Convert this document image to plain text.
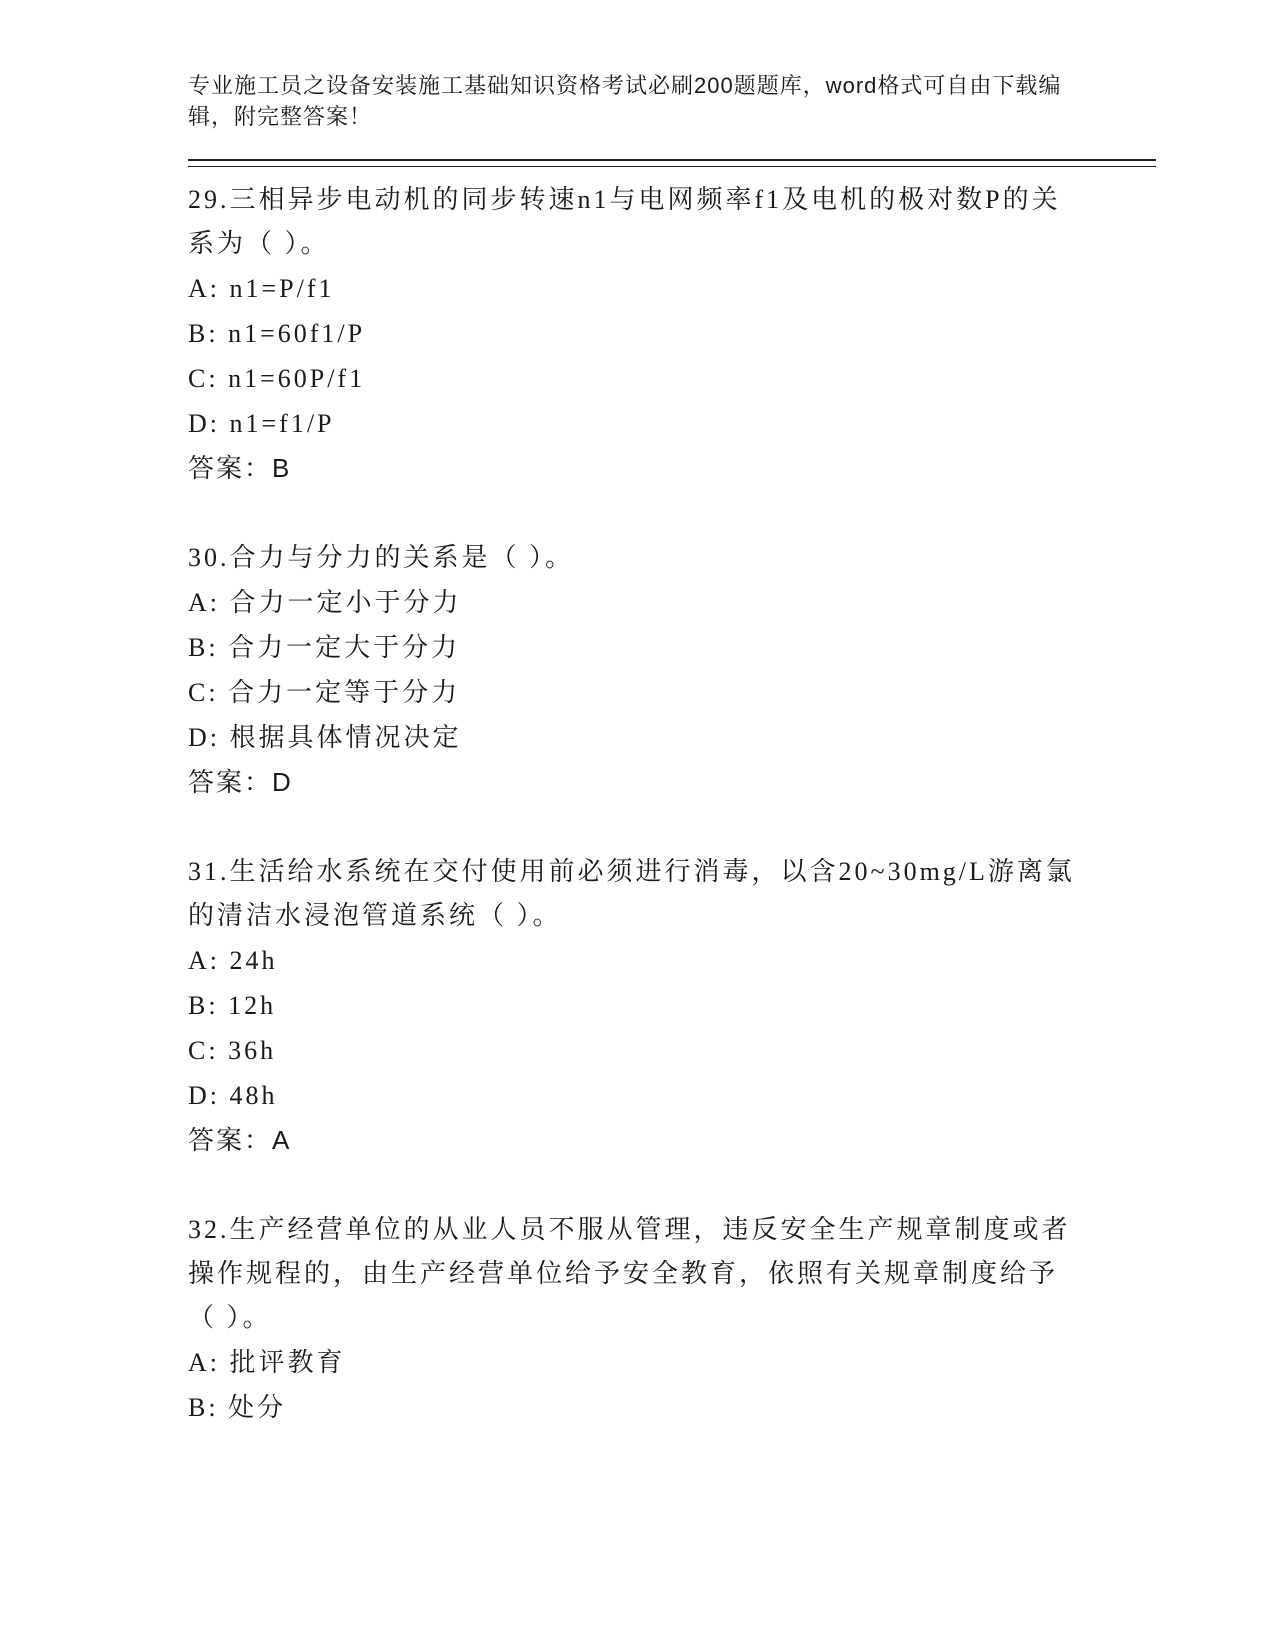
专业施工员之设备安装施工基础知识资格考试必刷200题题库，word格式可自由下载编辑，附完整答案！
29.三相异步电动机的同步转速n1与电网频率f1及电机的极对数P的关系为（ ）。
A: n1=P/f1
B: n1=60f1/P
C: n1=60P/f1
D: n1=f1/P
答案：B
30.合力与分力的关系是（ ）。
A: 合力一定小于分力
B: 合力一定大于分力
C: 合力一定等于分力
D: 根据具体情况决定
答案：D
31.生活给水系统在交付使用前必须进行消毒，以含20~30mg/L游离氯的清洁水浸泡管道系统（ ）。
A: 24h
B: 12h
C: 36h
D: 48h
答案：A
32.生产经营单位的从业人员不服从管理，违反安全生产规章制度或者操作规程的，由生产经营单位给予安全教育，依照有关规章制度给予（ ）。
A: 批评教育
B: 处分
